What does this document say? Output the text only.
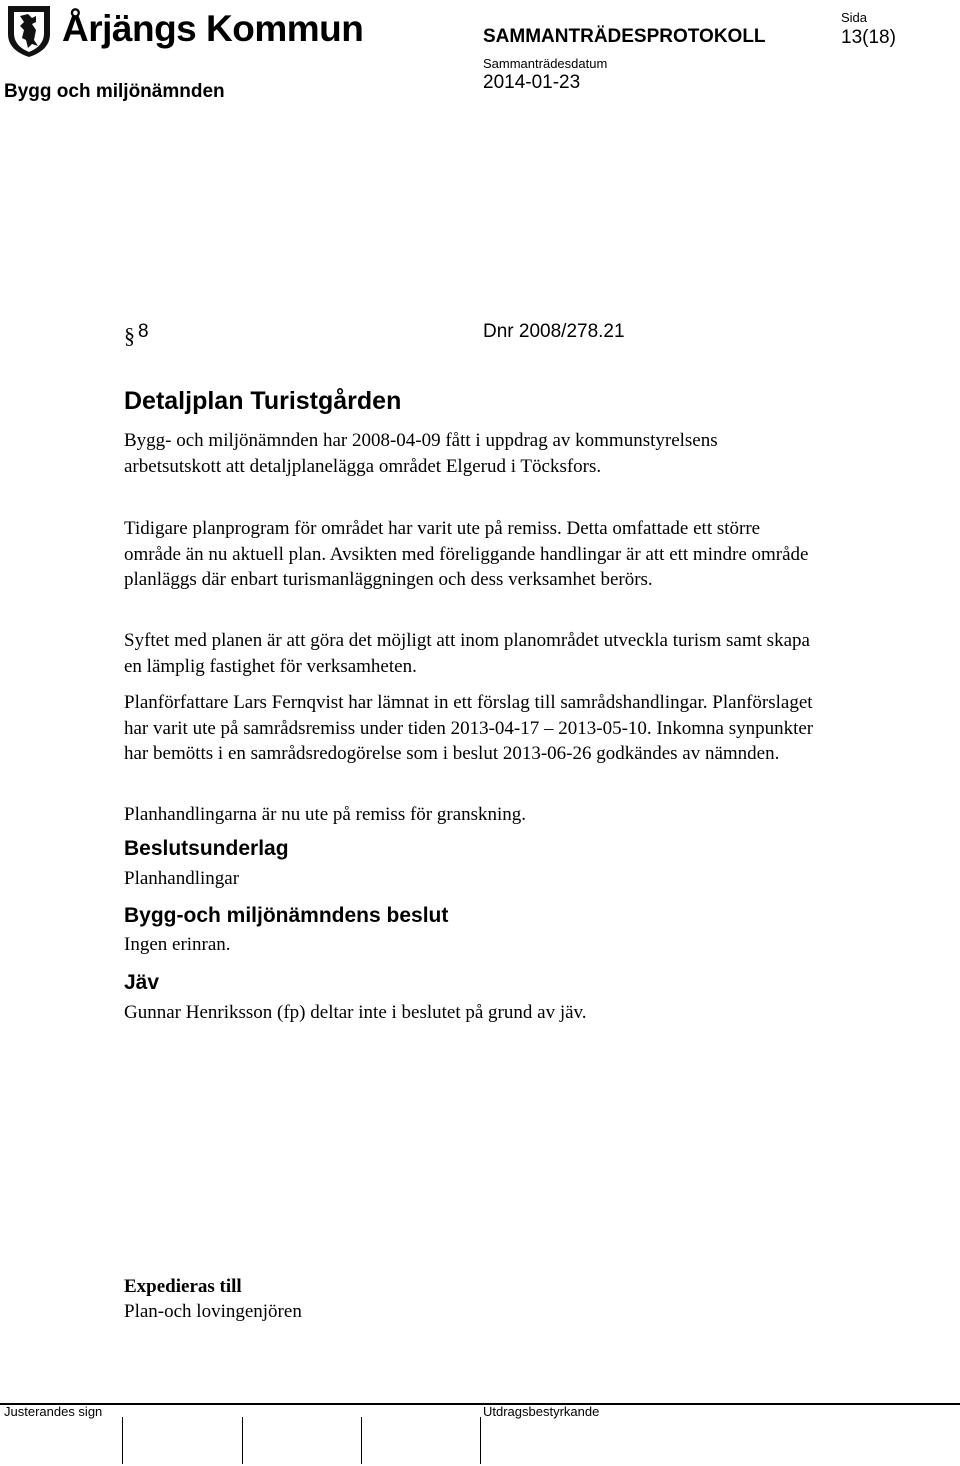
Årjängs Kommun	SAMMANTRÄDESPROTOKOLL
Bygg och miljönämnden
Sammanträdesdatum
2014-01-23
Sida
13(18)
§ 8	Dnr 2008/278.21
Detaljplan Turistgården
Bygg- och miljönämnden har 2008-04-09 fått i uppdrag av kommunstyrelsens arbetsutskott att detaljplanelägga området Elgerud i Töcksfors.
Tidigare planprogram för området har varit ute på remiss. Detta omfattade ett större område än nu aktuell plan. Avsikten med föreliggande handlingar är att ett mindre område planläggs där enbart turismanläggningen och dess verksamhet berörs.
Syftet med planen är att göra det möjligt att inom planområdet utveckla turism samt skapa en lämplig fastighet för verksamheten.
Planförfattare Lars Fernqvist har lämnat in ett förslag till samrådshandlingar. Planförslaget har varit ute på samrådsremiss under tiden 2013-04-17 – 2013-05-10. Inkomna synpunkter har bemötts i en samrådsredogörelse som i beslut 2013-06-26 godkändes av nämnden.
Planhandlingarna är nu ute på remiss för granskning.
Beslutsunderlag
Planhandlingar
Bygg-och miljönämndens beslut
Ingen erinran.
Jäv
Gunnar Henriksson (fp) deltar inte i beslutet på grund av jäv.
Expedieras till
Plan-och lovingenjören
Justerandes sign	Utdragsbestyrkande
